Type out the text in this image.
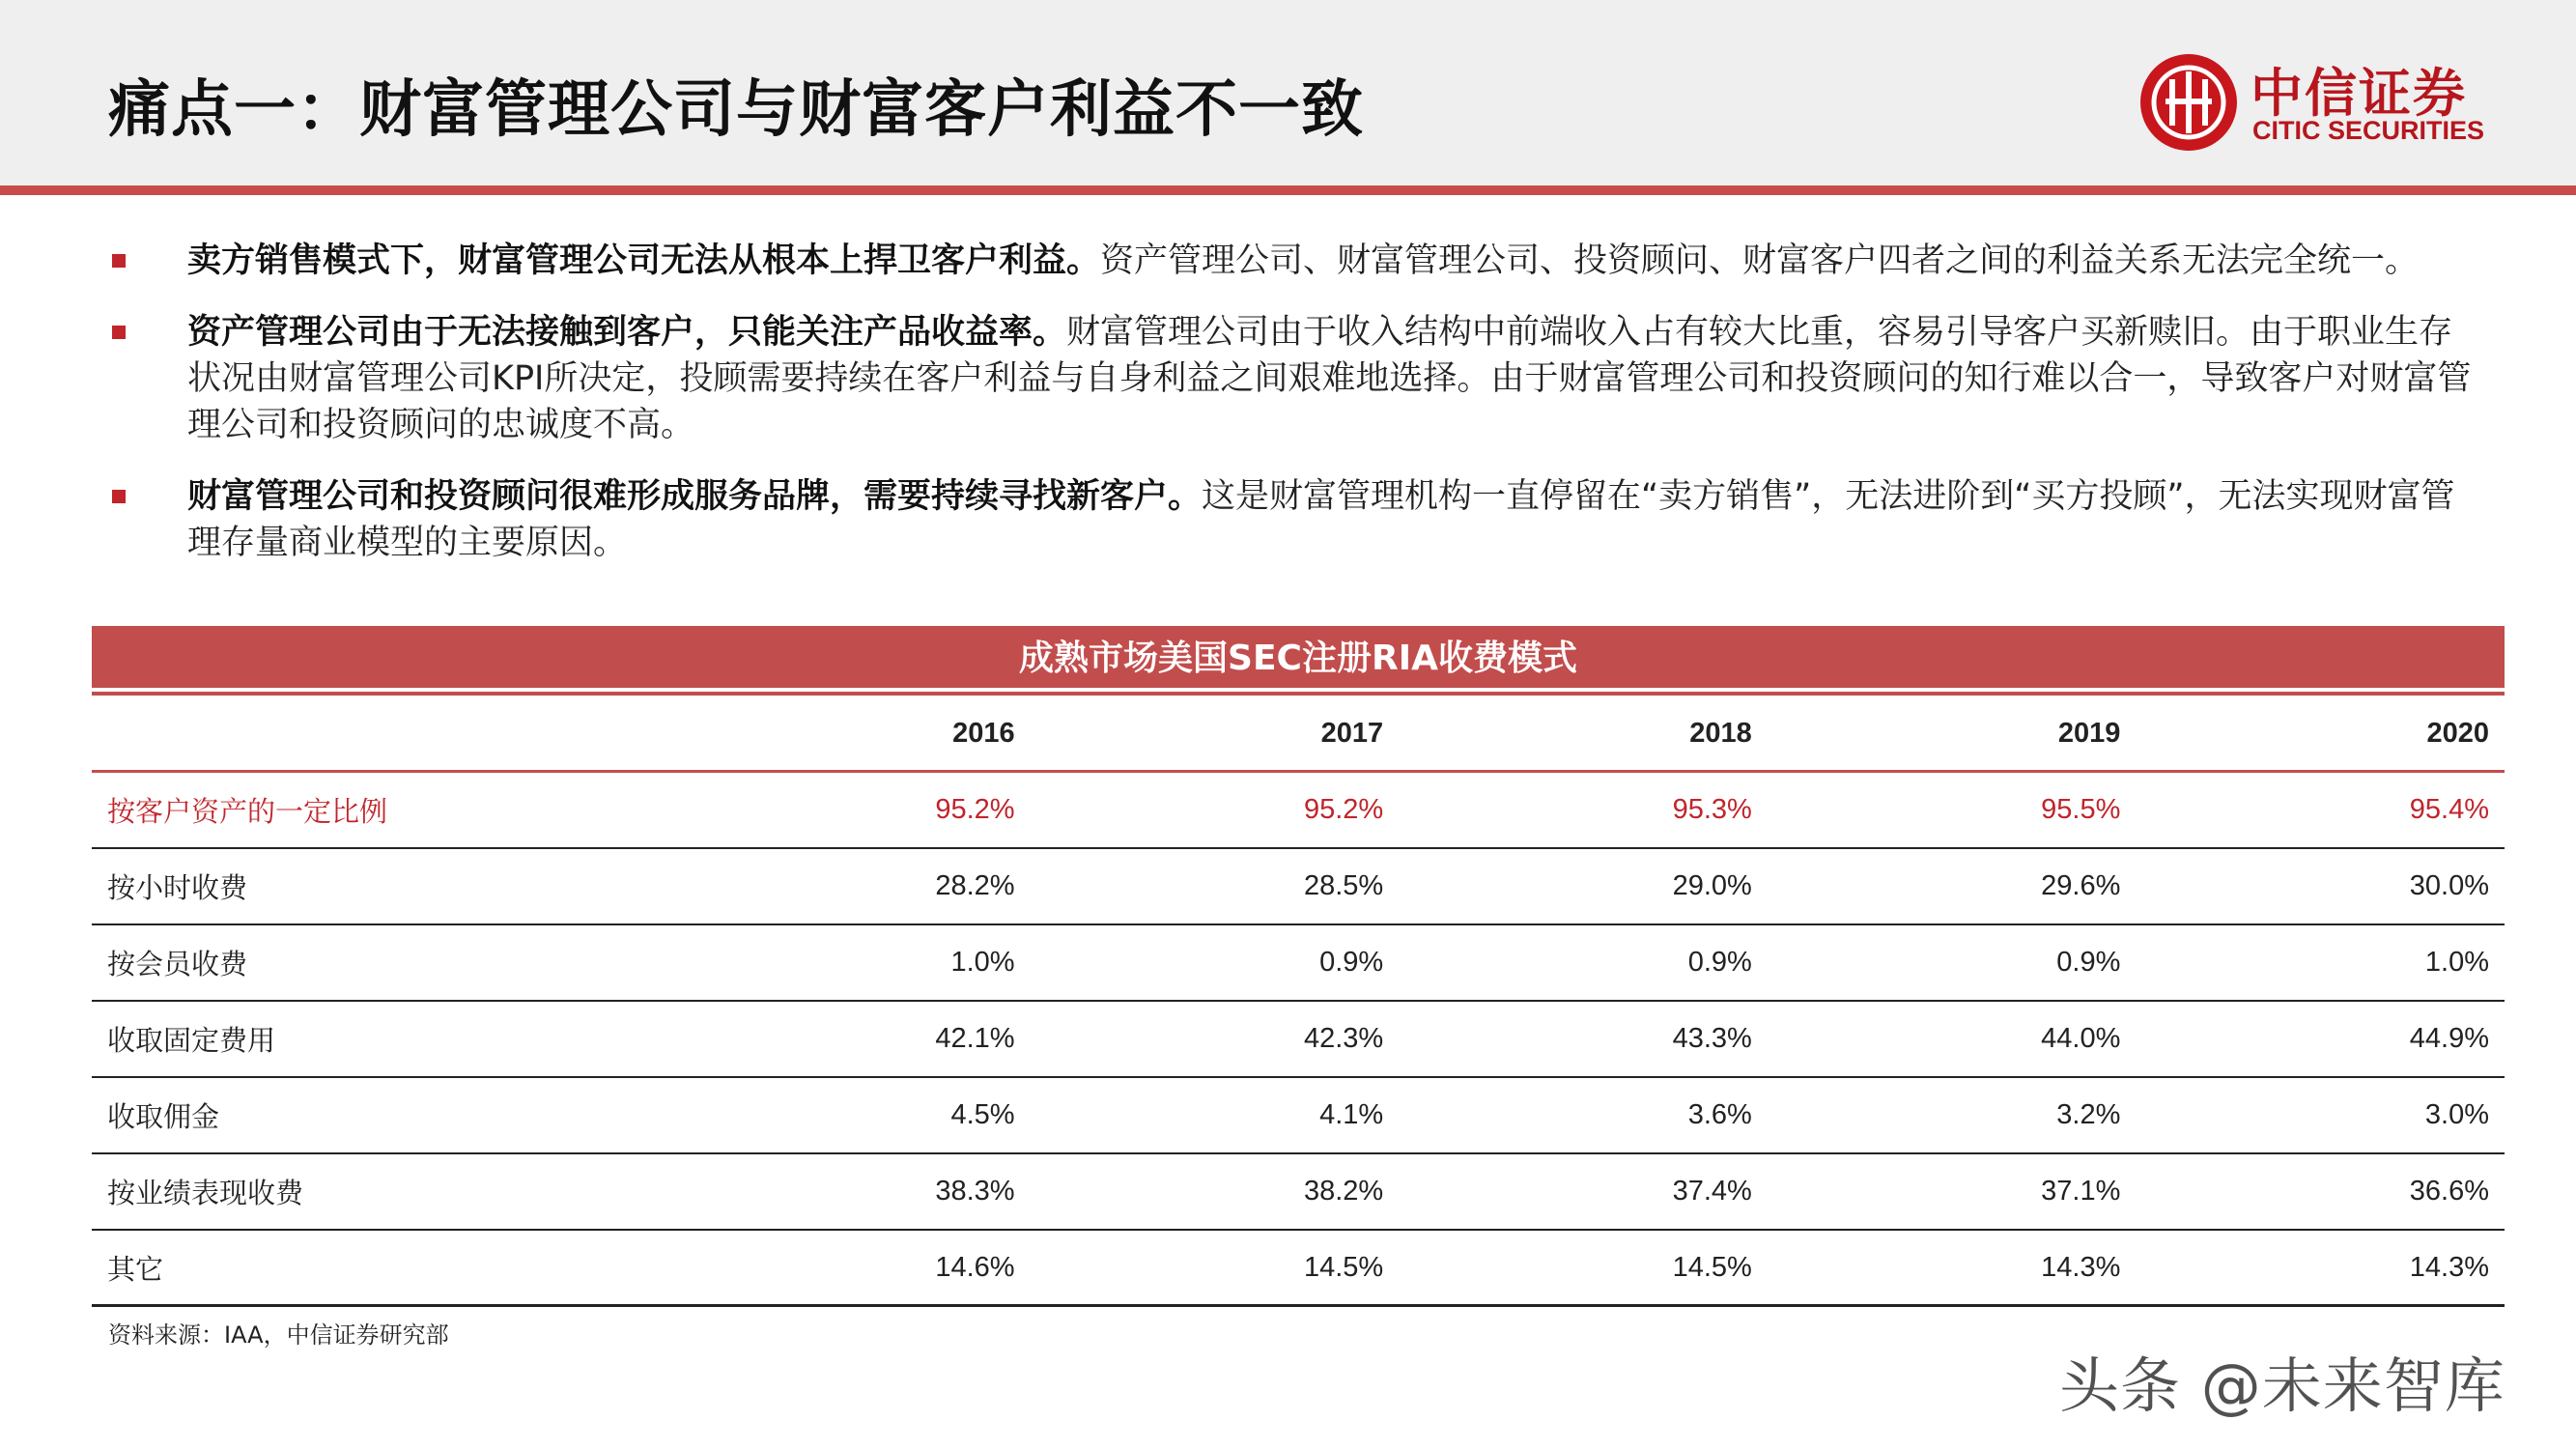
痛点一：财富管理公司与财富客户利益不一致	中信证券
CITIC SECURITIES
卖方销售模式下，财富管理公司无法从根本上捍卫客户利益。资产管理公司、财富管理公司、投资顾问、财富客户四者之间的利益关系无法完全统一。
资产管理公司由于无法接触到客户，只能关注产品收益率。财富管理公司由于收入结构中前端收入占有较大比重，容易引导客户买新赎旧。由于职业生存状况由财富管理公司KPI所决定，投顾需要持续在客户利益与自身利益之间艰难地选择。由于财富管理公司和投资顾问的知行难以合一，导致客户对财富管理公司和投资顾问的忠诚度不高。
财富管理公司和投资顾问很难形成服务品牌，需要持续寻找新客户。这是财富管理机构一直停留在“卖方销售”，无法进阶到“买方投顾”，无法实现财富管理存量商业模型的主要原因。
成熟市场美国SEC注册RIA收费模式
2016	2017	2018	2019	2020
按客户资产的一定比例	95.2%	95.2%	95.3%	95.5%	95.4%
按小时收费	28.2%	28.5%	29.0%	29.6%	30.0%
按会员收费	1.0%	0.9%	0.9%	0.9%	1.0%
收取固定费用	42.1%	42.3%	43.3%	44.0%	44.9%
收取佣金	4.5%	4.1%	3.6%	3.2%	3.0%
按业绩表现收费	38.3%	38.2%	37.4%	37.1%	36.6%
其它	14.6%	14.5%	14.5%	14.3%	14.3%
资料来源：IAA，中信证券研究部
头条 @未来智库
